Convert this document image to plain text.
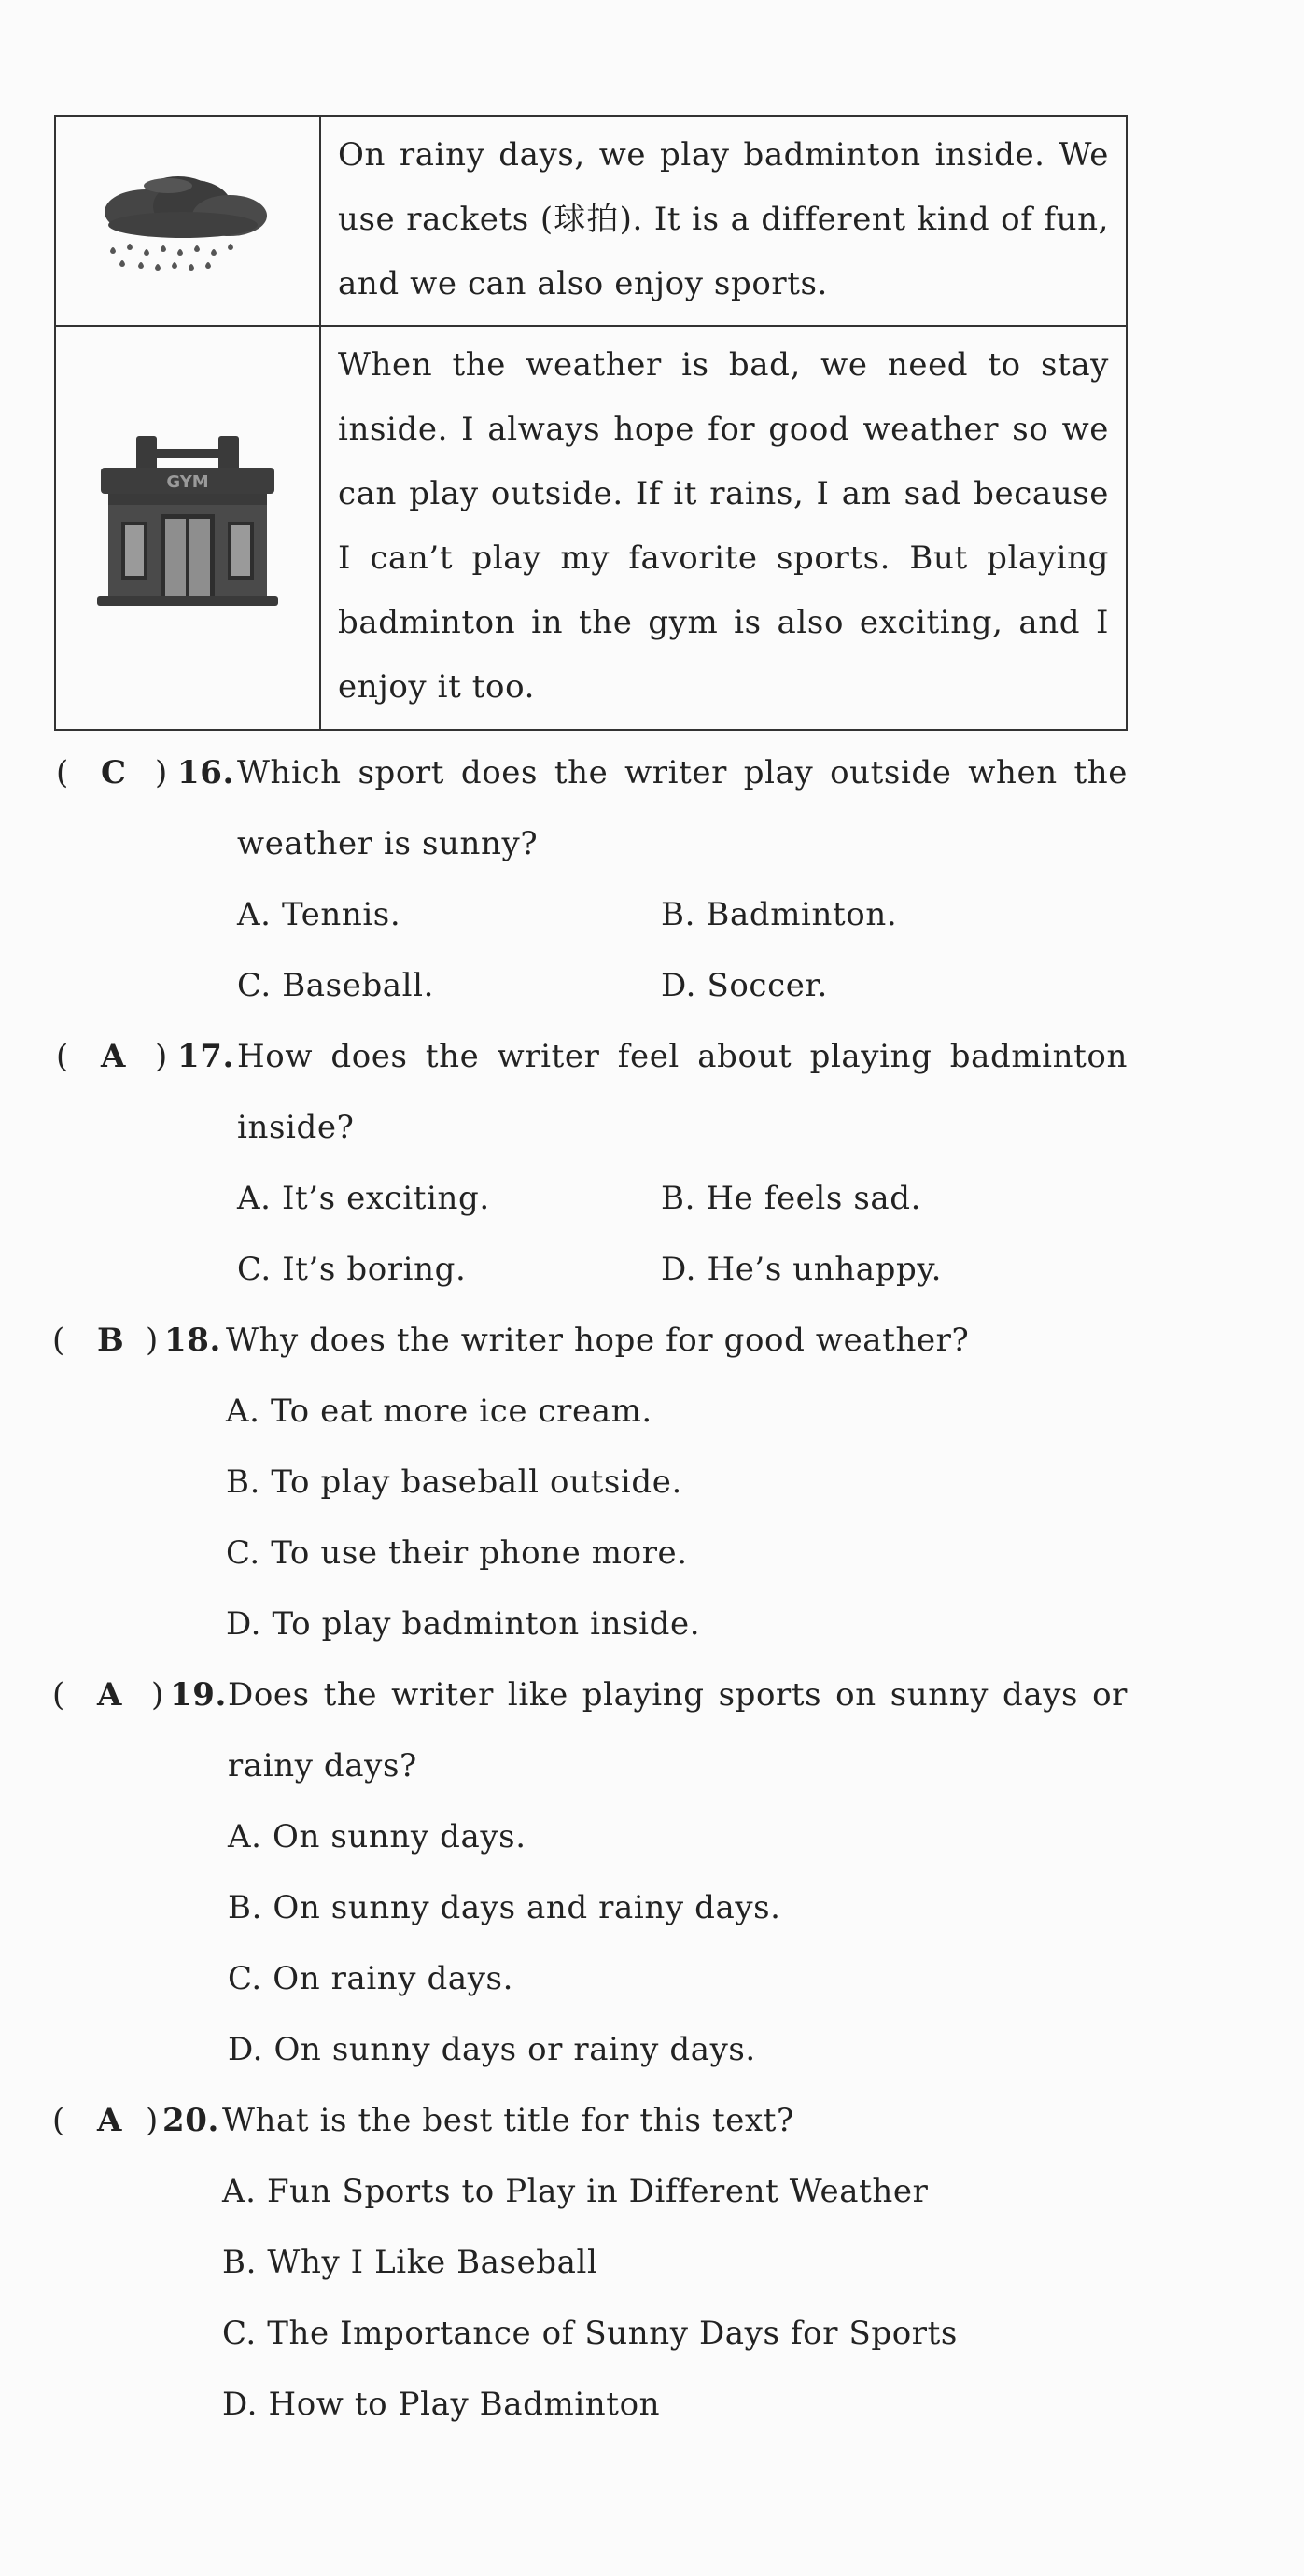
	On rainy days, we play badminton inside. We use rackets (球拍). It is a different kind of fun, and we can also enjoy sports.

GYM	When the weather is bad, we need to stay inside. I always hope for good weather so we can play outside. If it rains, I am sad because I can’t play my favorite sports. But playing badminton in the gym is also exciting, and I enjoy it too.
( C ) 16. Which sport does the writer play outside when the
weather is sunny?
A. Tennis.	B. Badminton.
C. Baseball.	D. Soccer.
( A ) 17. How does the writer feel about playing badminton
inside?
A. It’s exciting.	B. He feels sad.
C. It’s boring.	D. He’s unhappy.
( B ) 18. Why does the writer hope for good weather?
A. To eat more ice cream.
B. To play baseball outside.
C. To use their phone more.
D. To play badminton inside.
( A ) 19. Does the writer like playing sports on sunny days or
rainy days?
A. On sunny days.
B. On sunny days and rainy days.
C. On rainy days.
D. On sunny days or rainy days.
( A ) 20. What is the best title for this text?
A. Fun Sports to Play in Different Weather
B. Why I Like Baseball
C. The Importance of Sunny Days for Sports
D. How to Play Badminton
